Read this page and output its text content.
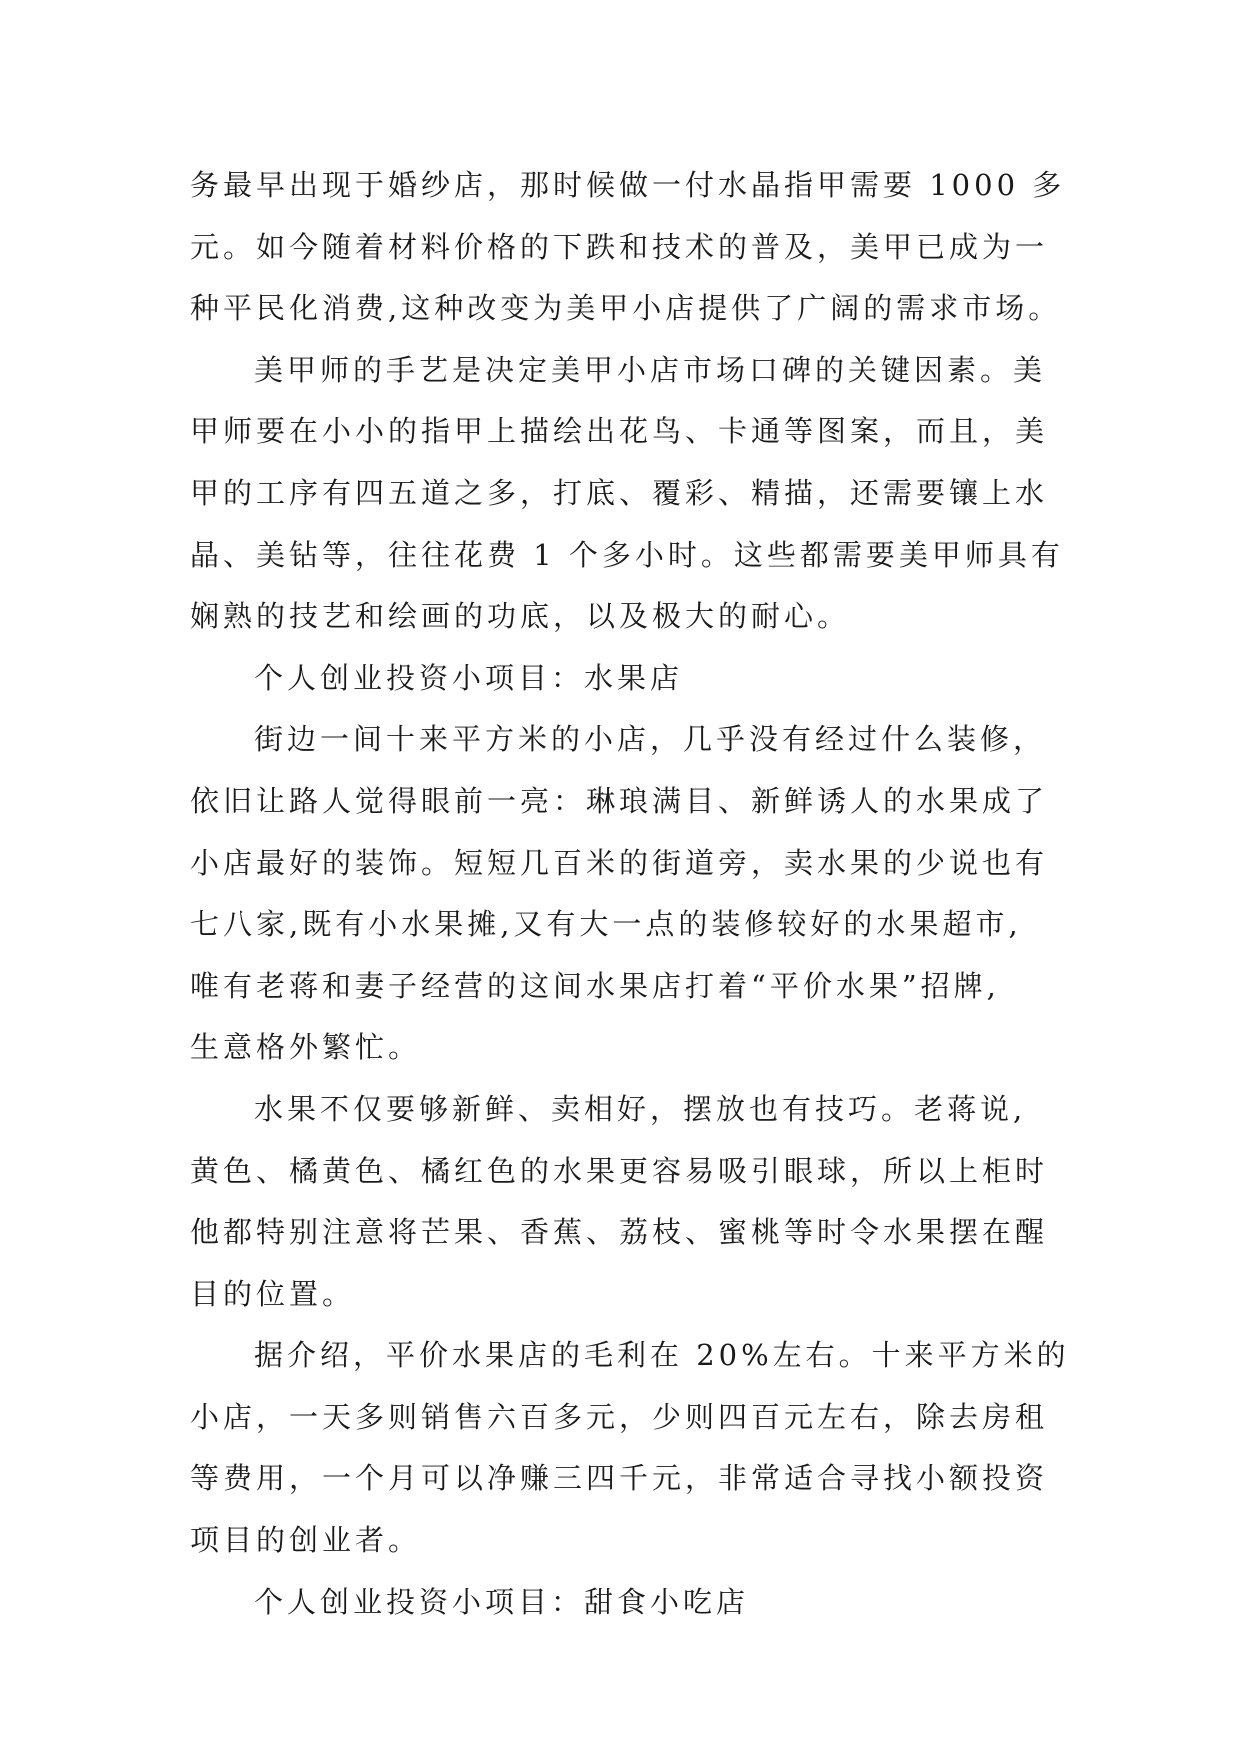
务最早出现于婚纱店，那时候做一付水晶指甲需要 1000 多
元。如今随着材料价格的下跌和技术的普及，美甲已成为一
种平民化消费,这种改变为美甲小店提供了广阔的需求市场。
美甲师的手艺是决定美甲小店市场口碑的关键因素。美
甲师要在小小的指甲上描绘出花鸟、卡通等图案，而且，美
甲的工序有四五道之多，打底、覆彩、精描，还需要镶上水
晶、美钻等，往往花费 1 个多小时。这些都需要美甲师具有
娴熟的技艺和绘画的功底，以及极大的耐心。
个人创业投资小项目：水果店
街边一间十来平方米的小店，几乎没有经过什么装修，
依旧让路人觉得眼前一亮：琳琅满目、新鲜诱人的水果成了
小店最好的装饰。短短几百米的街道旁，卖水果的少说也有
七八家,既有小水果摊,又有大一点的装修较好的水果超市,
唯有老蒋和妻子经营的这间水果店打着“平价水果”招牌,
生意格外繁忙。
水果不仅要够新鲜、卖相好，摆放也有技巧。老蒋说,
黄色、橘黄色、橘红色的水果更容易吸引眼球，所以上柜时
他都特别注意将芒果、香蕉、荔枝、蜜桃等时令水果摆在醒
目的位置。
据介绍，平价水果店的毛利在 20%左右。十来平方米的
小店，一天多则销售六百多元，少则四百元左右，除去房租
等费用，一个月可以净赚三四千元，非常适合寻找小额投资
项目的创业者。
个人创业投资小项目：甜食小吃店
